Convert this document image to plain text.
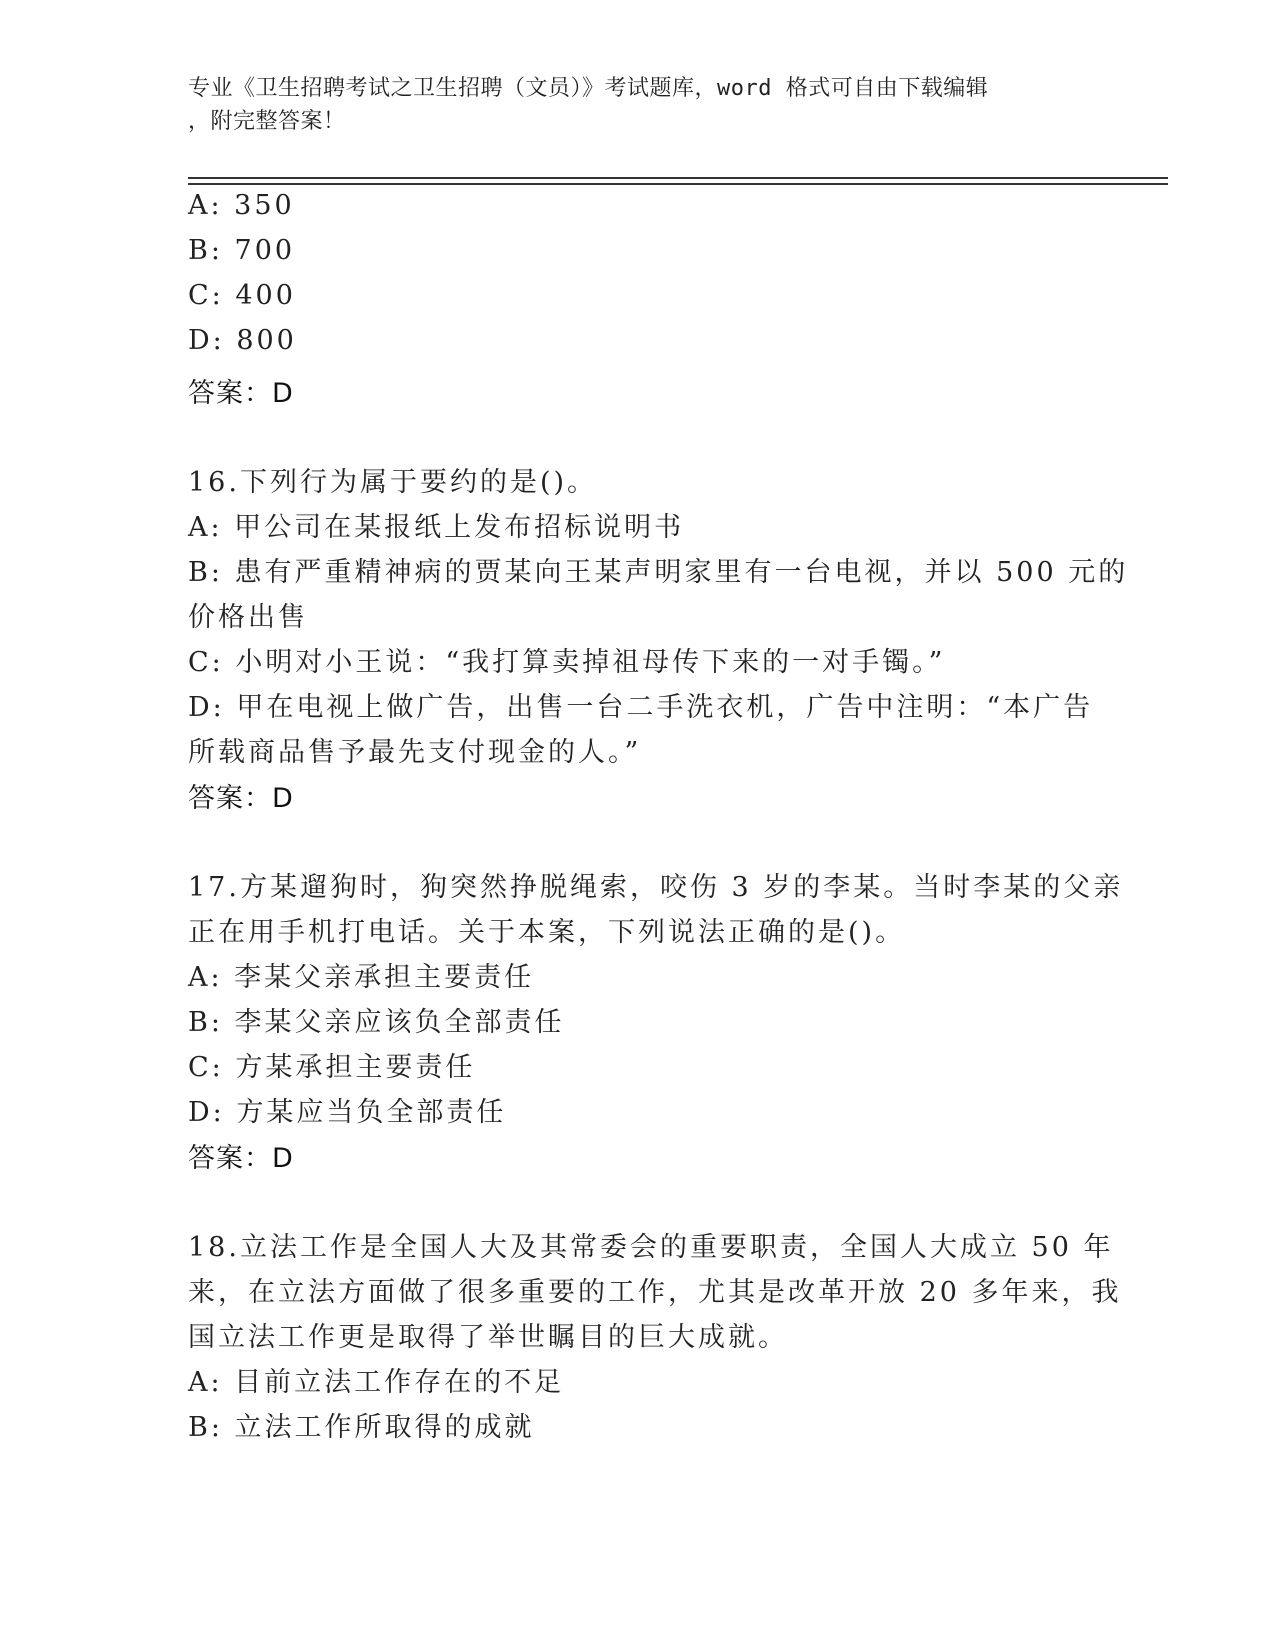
专业《卫生招聘考试之卫生招聘（文员）》考试题库，word 格式可自由下载编辑
，附完整答案！
A: 350
B: 700
C: 400
D: 800
答案：D
16.下列行为属于要约的是()。
A: 甲公司在某报纸上发布招标说明书
B: 患有严重精神病的贾某向王某声明家里有一台电视，并以 500 元的
价格出售
C: 小明对小王说：“我打算卖掉祖母传下来的一对手镯。”
D: 甲在电视上做广告，出售一台二手洗衣机，广告中注明：“本广告
所载商品售予最先支付现金的人。”
答案：D
17.方某遛狗时，狗突然挣脱绳索，咬伤 3 岁的李某。当时李某的父亲
正在用手机打电话。关于本案，下列说法正确的是()。
A: 李某父亲承担主要责任
B: 李某父亲应该负全部责任
C: 方某承担主要责任
D: 方某应当负全部责任
答案：D
18.立法工作是全国人大及其常委会的重要职责，全国人大成立 50 年
来，在立法方面做了很多重要的工作，尤其是改革开放 20 多年来，我
国立法工作更是取得了举世瞩目的巨大成就。
A: 目前立法工作存在的不足
B: 立法工作所取得的成就
